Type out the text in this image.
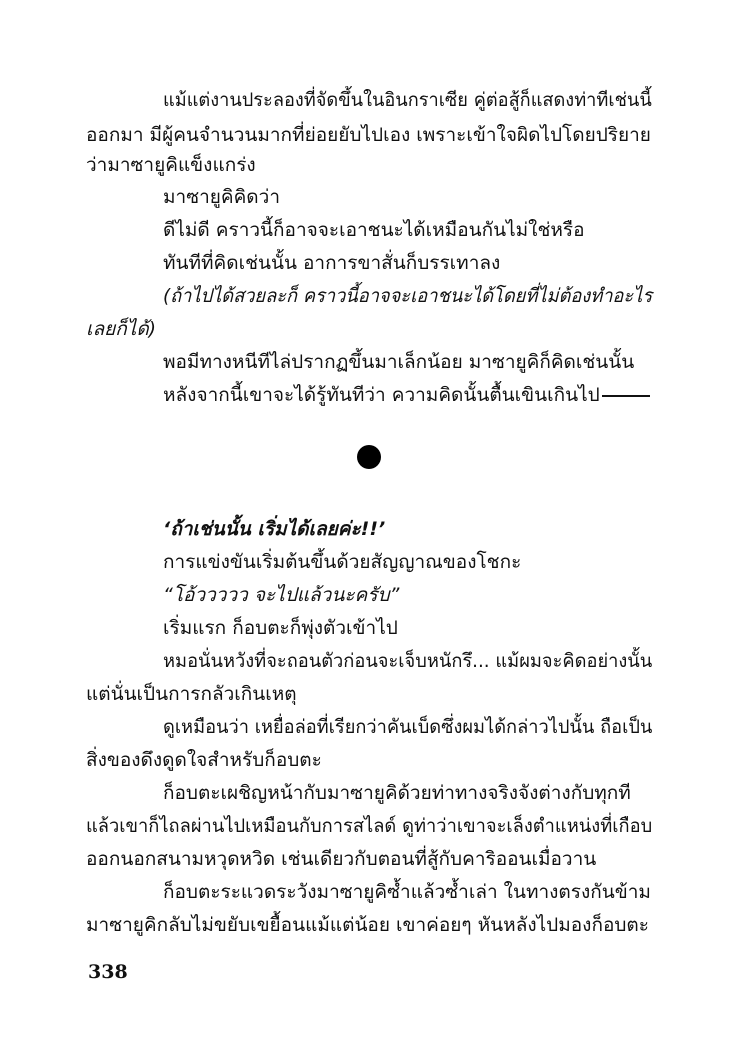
แม้แต่งานประลองที่จัดขึ้นในอินกราเซีย คู่ต่อสู้ก็แสดงท่าทีเช่นนี้
ออกมา มีผู้คนจำนวนมากที่ย่อยยับไปเอง เพราะเข้าใจผิดไปโดยปริยาย
ว่ามาซายูคิแข็งแกร่ง
มาซายูคิคิดว่า
ดีไม่ดี คราวนี้ก็อาจจะเอาชนะได้เหมือนกันไม่ใช่หรือ
ทันทีที่คิดเช่นนั้น อาการขาสั่นก็บรรเทาลง
(ถ้าไปได้สวยละก็ คราวนี้อาจจะเอาชนะได้โดยที่ไม่ต้องทำอะไร
เลยก็ได้)
พอมีทางหนีทีไล่ปรากฏขึ้นมาเล็กน้อย มาซายูคิก็คิดเช่นนั้น
หลังจากนี้เขาจะได้รู้ทันทีว่า ความคิดนั้นตื้นเขินเกินไป
‘ถ้าเช่นนั้น เริ่มได้เลยค่ะ!!’
การแข่งขันเริ่มต้นขึ้นด้วยสัญญาณของโชกะ
“โอ้ววววว จะไปแล้วนะครับ”
เริ่มแรก ก็อบตะก็พุ่งตัวเข้าไป
หมอนั่นหวังที่จะถอนตัวก่อนจะเจ็บหนักรึ... แม้ผมจะคิดอย่างนั้น
แต่นั่นเป็นการกลัวเกินเหตุ
ดูเหมือนว่า เหยื่อล่อที่เรียกว่าคันเบ็ดซึ่งผมได้กล่าวไปนั้น ถือเป็น
สิ่งของดึงดูดใจสำหรับก็อบตะ
ก็อบตะเผชิญหน้ากับมาซายูคิด้วยท่าทางจริงจังต่างกับทุกที
แล้วเขาก็ไถลผ่านไปเหมือนกับการสไลด์ ดูท่าว่าเขาจะเล็งตำแหน่งที่เกือบ
ออกนอกสนามหวุดหวิด เช่นเดียวกับตอนที่สู้กับคาริออนเมื่อวาน
ก็อบตะระแวดระวังมาซายูคิซ้ำแล้วซ้ำเล่า ในทางตรงกันข้าม
มาซายูคิกลับไม่ขยับเขยื้อนแม้แต่น้อย เขาค่อยๆ หันหลังไปมองก็อบตะ
338
